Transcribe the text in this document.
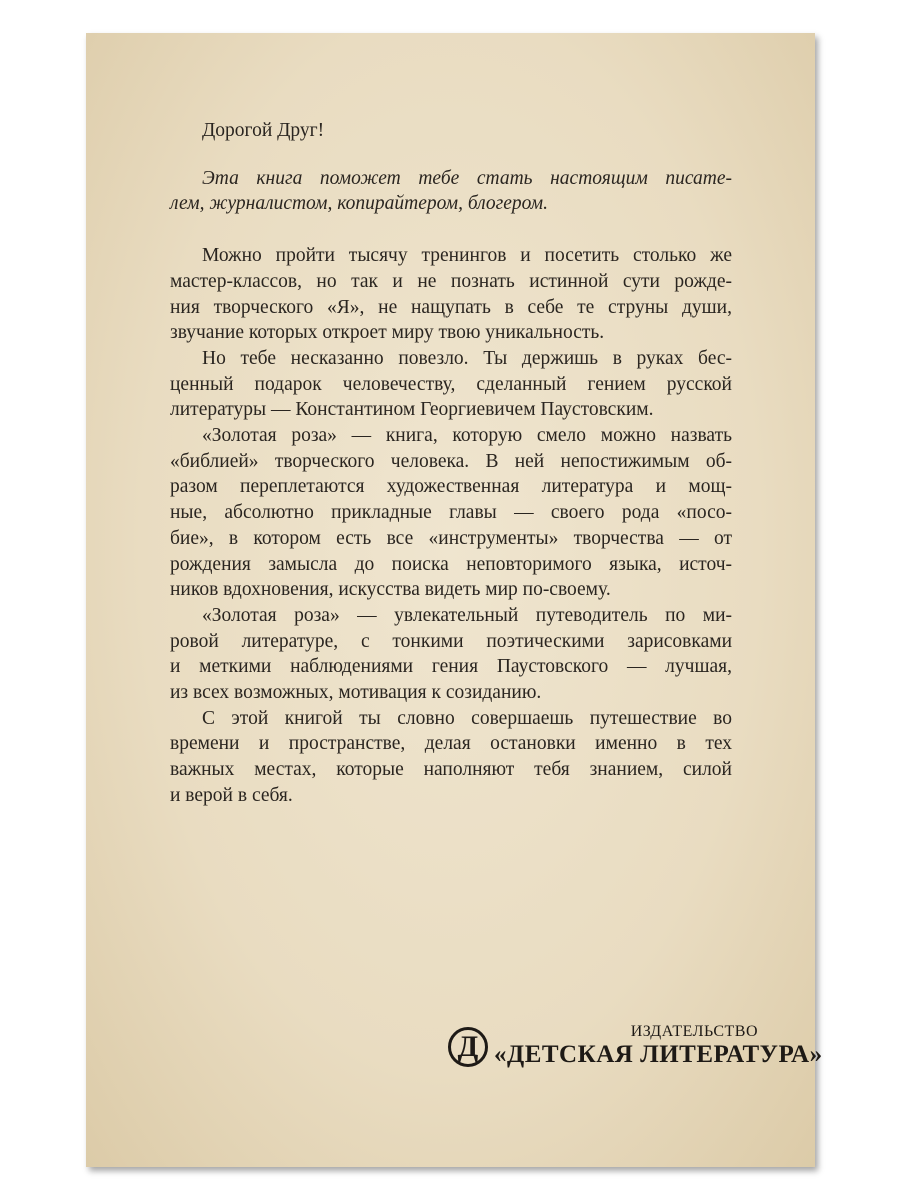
Дорогой Друг!
Эта книга поможет тебе стать настоящим писате-
лем, журналистом, копирайтером, блогером.
Можно пройти тысячу тренингов и посетить столько же
мастер-классов, но так и не познать истинной сути рожде-
ния творческого «Я», не нащупать в себе те струны души,
звучание которых откроет миру твою уникальность.
Но тебе несказанно повезло. Ты держишь в руках бес-
ценный подарок человечеству, сделанный гением русской
литературы — Константином Георгиевичем Паустовским.
«Золотая роза» — книга, которую смело можно назвать
«библией» творческого человека. В ней непостижимым об-
разом переплетаются художественная литература и мощ-
ные, абсолютно прикладные главы — своего рода «посо-
бие», в котором есть все «инструменты» творчества — от
рождения замысла до поиска неповторимого языка, источ-
ников вдохновения, искусства видеть мир по-своему.
«Золотая роза» — увлекательный путеводитель по ми-
ровой литературе, с тонкими поэтическими зарисовками
и меткими наблюдениями гения Паустовского — лучшая,
из всех возможных, мотивация к созиданию.
С этой книгой ты словно совершаешь путешествие во
времени и пространстве, делая остановки именно в тех
важных местах, которые наполняют тебя знанием, силой
и верой в себя.
Д	ИЗДАТЕЛЬСТВО
«ДЕТСКАЯ ЛИТЕРАТУРА»
